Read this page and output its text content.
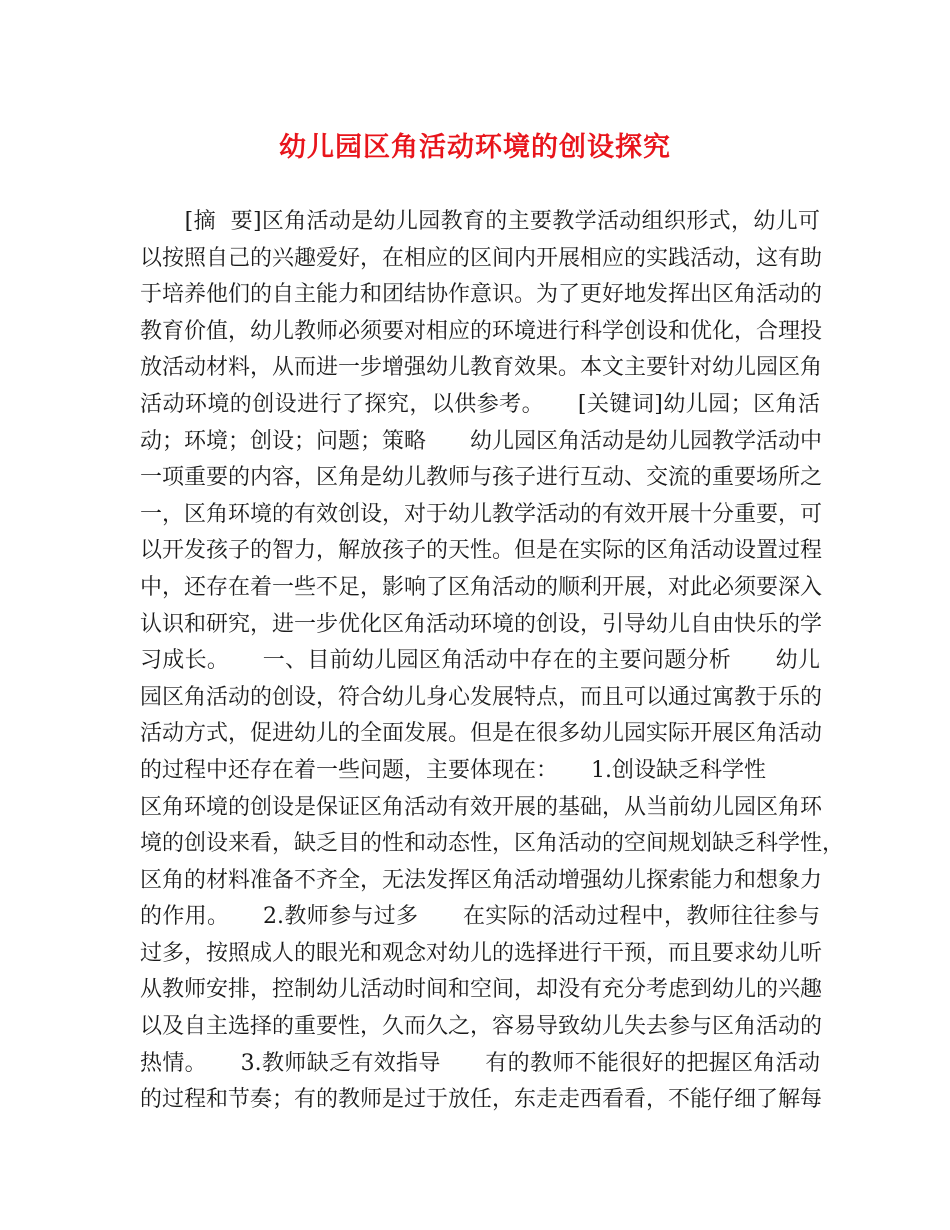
幼儿园区角活动环境的创设探究
　　[摘  要]区角活动是幼儿园教育的主要教学活动组织形式，幼儿可
以按照自己的兴趣爱好，在相应的区间内开展相应的实践活动，这有助
于培养他们的自主能力和团结协作意识。为了更好地发挥出区角活动的
教育价值，幼儿教师必须要对相应的环境进行科学创设和优化，合理投
放活动材料，从而进一步增强幼儿教育效果。本文主要针对幼儿园区角
活动环境的创设进行了探究，以供参考。　　[关键词]幼儿园；区角活
动；环境；创设；问题；策略　　幼儿园区角活动是幼儿园教学活动中
一项重要的内容，区角是幼儿教师与孩子进行互动、交流的重要场所之
一，区角环境的有效创设，对于幼儿教学活动的有效开展十分重要，可
以开发孩子的智力，解放孩子的天性。但是在实际的区角活动设置过程
中，还存在着一些不足，影响了区角活动的顺利开展，对此必须要深入
认识和研究，进一步优化区角活动环境的创设，引导幼儿自由快乐的学
习成长。　　一、目前幼儿园区角活动中存在的主要问题分析　　幼儿
园区角活动的创设，符合幼儿身心发展特点，而且可以通过寓教于乐的
活动方式，促进幼儿的全面发展。但是在很多幼儿园实际开展区角活动
的过程中还存在着一些问题，主要体现在：　　1.创设缺乏科学性
区角环境的创设是保证区角活动有效开展的基础，从当前幼儿园区角环
境的创设来看，缺乏目的性和动态性，区角活动的空间规划缺乏科学性，
区角的材料准备不齐全，无法发挥区角活动增强幼儿探索能力和想象力
的作用。　　2.教师参与过多　　在实际的活动过程中，教师往往参与
过多，按照成人的眼光和观念对幼儿的选择进行干预，而且要求幼儿听
从教师安排，控制幼儿活动时间和空间，却没有充分考虑到幼儿的兴趣
以及自主选择的重要性，久而久之，容易导致幼儿失去参与区角活动的
热情。　　3.教师缺乏有效指导　　有的教师不能很好的把握区角活动
的过程和节奏；有的教师是过于放任，东走走西看看，不能仔细了解每
